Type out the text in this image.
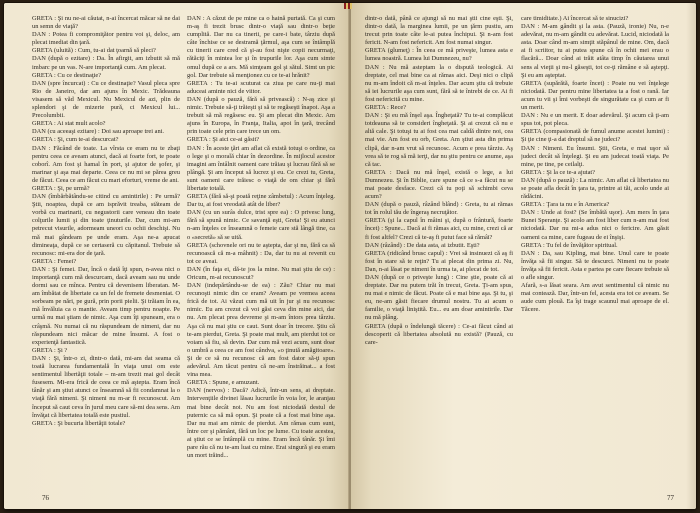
GRETA : Şi nu ne-ai căutat, n-ai încercat măcar să ne dai un semn de viaţă?

DAN : Potea fi compromiţător pentru voi şi, deloc, am plecat imediat din ţară.

GRETA (uluită) : Cum, tu-ai dat ţoarnă să pleci?

DAN (după o ezitare) : Da. În afirgit, am izbutit să mă imbarc pe un vas. N-are importanţă cum. Am plecat.

GRETA : Cu ce destinaţie?

DAN (spre încurcat) : Cu ce destinaţie? Vasul pleca spre Rio de Janeiro, dar am ajuns în Mexic. Trădeauna visasem să văd Mexicul. Nu Mexicul de azi, plin de splendori şi de mizerie pură, ci Mexicul lui... Precolumbii.

GRETA : Ai stat mult acolo?

DAN (cu aceeaşi ezitare) : Doi sau aproape trei ani.

GRETA : Şi, cum te-ai descurcat?

DAN : Făcând de toate. La vîrsta ce eram nu te zbaţi pentru ceea ce aveam atunci, dacă ai foarte fort, te poate coborî. Am fost şi hamal în port, şi ajutor de şofer, şi marinar şi aşa mai departe. Ceea ce nu mi se părea greu de făcut. Ceea ce am făcut cu mari eforturi, vreme de ani.

GRETA : Şi, pe urmă?

DAN (îmbărbătându-se citind cu amintirile) : Pe urmă? Ştii, noaptea, după ce am isprăvit treaba, stăteam de vorbă cu marinarii, cu negustorii care veneau din toate colţurile lumii şi din toate ţinuturile. Dar, cum mi-am petrecut visurile, adormeam uneori cu ochii deschişi. Nu mă mai gândeam pe unde eram. Aşa ne-a apucat dimineaţa, după ce se certaseră cu căpitanul. Trebuie să recunosc: mi-era dor de ţară.

GRETA : Femei?

DAN : Şi femei. Dar, încă o dată îţi spun, n-avea nici o importanţă cum mă descurcam, dacă aveam sau nu unde dormi sau ce mînca. Pentru că devenisem liberatan. M-am îmbătat de libertate ca un fel de fremete desmeniat. O sorbeam pe nări, pe gură, prin porii pielii. Şi trăiam în ea, mă învăluia ca o mantie. Aveam timp pentru noapte. Pe urmă nu mai ştiam de nimic. Aşa cum îţi spuneam, era o crâşmă. Nu numai că nu răspundeam de nimeni, dar nu răspundeam nici măcar de mine însumi. A fost o experienţă fantastică.

GRETA : Şi ?

DAN : Şi, într-o zi, dintr-o dată, mi-am dat seama că toată lucrarea fundamentală în viaţa unui om este sentimentul libertăţii totale – m-am trezit mai gol decât fusesem. Mi-era frică de ceea ce mă aştepta. Eram încă tânăr şi am ştiut atunci ce înseamnă să fii condamnat la o viaţă fără nimeni. Şi nimeni nu m-ar fi recunoscut. Am început să caut ceva în jurul meu care să-mi dea sens. Am învăţat că libertatea totală este pustiul.

GRETA : Şi bucuria libertăţii totale?

DAN : A căzut de pe mine ca o haină purtată. Ca şi cum m-aş fi trezit brusc dintr-o viaţă sau dintr-o beţie cumplită. Dar nu ca tinerii, pe care-i bate, târziu după câte închise ce se destramă ţărmul, aşa cum se întâmplă cu tinerii care cred că şi-au fost nişte copii necurmaţi, rătăciţi în mintea lor şi în trupurile lor. Aşa cum simte omul după ce a ars. Mă simţeam gol şi sătul. Simt un pic gol. Dar trebuie să menţionez cu ce te-ai hrănit?

GRETA : Tu te-ai scuturat ca ziua pe care nu-ţi mai aduceai aminte nici de viitor.

DAN (după o pauză, fără să privească) : N-aş zice şi nimic. Trebuie să-ţi trăieşti şi să te regăseşti înapoi. Aşa a trebuit să mă regăsesc eu. Şi am plecat din Mexic. Am ajuns în Europa, în Franţa, Italia, apoi în ţară, trecând prin toate cele prin care trece un om.

GRETA : Şi aici ce-ai găsit?

DAN : În aceste ţări am aflat că există totuşi o ordine, ca o lege şi o morală chiar în dezordine. În mijlocul acestor imagini am întâlnit oameni care trăiau şi lucrau fără să se plângă. Şi am început să lucrez şi eu. Ce crezi tu, Greta, sunt oameni care trăiesc o viaţă de om chiar şi fără libertate totală.

GRETA (fără să-şi poată reţine zâmbetul) : Acum înţeleg. Dar tu, ai fost vreodată atât de liber?

DAN (cu un surâs dulce, trist spre ea) : O privesc lung, fără să spună nimic. Ce savanţă eşti, Greta! Şi eu atunci n-am înţeles ce înseamnă o femeie care stă lângă tine, ca o «secretă» să se uită.

GRETA (schovnele ori nu te aştepta, dar şi nu, fără ca să recunoască că m-a mâhnit) : Da, dar tu nu ai revenit cu tot ce aveai.

DAN (în faţa ei, dă-te jos la mine. Nu mai ştiu de ce) : Oricum, m-ai recunoscut?

DAN (indepărtându-se de ea) : Zău? Chiar nu mai recunoşti nimic din ce eram? Aveam pe vremea aceea frică de tot. Ai văzut cum mă uit în jur şi nu recunosc nimic. Eu am crezut că voi găsi ceva din mine aici, dar nu. Am plecat prea devreme şi m-am întors prea târziu. Aşa că nu mai ştiu ce caut. Sunt doar în trecere. Ştiu că te-am pierdut, Greta. Şi poate mai mult, am pierdut tot ce voiam să fiu, să devin. Dar cum mă vezi acum, sunt doar o umbră a ceea ce am fost cândva, «o ţinută amăgitoare». Şi de ce să nu recunosc că am fost dator să-ţi spun adevărul. Am tăcut pentru că ne-am înstrăinat... a fost vina mea.

GRETA : Spune, e amuzant.

DAN (nervos) : Dacă? Adică, într-un sens, ai dreptate. Intervenţiile divinei lăsau lucrurile în voia lor, le aranjau mai bine decât noi. Nu am fost niciodată destul de puternic ca să mă opun. Şi poate că a fost mai bine aşa. Dar nu mai am nimic de pierdut. Am rămas cum sunt, între cer şi pământ, fără un loc pe lume. Cu toate acestea, ai ştiut ce se întâmplă cu mine. Eram încă tânăr. Şi îmi pare rău că nu te-am luat cu mine. Erai singură şi eu eram un mort trăind...

76

dintr-o dată, până ce ajungi să nu mai ştii cine eşti. Şi, dintr-o dată, la marginea lumii, pe un ţărm pustiu, am trecut prin toate câte le-ai putea închipui. Şi n-am fost fericit. N-am fost nefericit. Am fost numai singur.

GRETA (glumeţ) : În ceea ce mă priveşte, lumea asta e lumea noastră. Lumea lui Dumnezeu, nu?

DAN : Nu mă asteptam la o dispută teologică. Ai dreptate, cel mai bine ca ai rămas aici. Deşi nici o clipă nu m-am îndoit că m-ai înţeles. Dar acum ştiu că trebuie să iei lucrurile aşa cum sunt, fără să te întrebi de ce. Ai fi fost nefericită cu mine.

GRETA : Rece?

DAN : Şi eu mă înşel aşa. Îngheţată? Tu te-ai complăcut totdeauna să te consideri îngheţată. Şi ai crezut că nu e altă cale. Şi totuşi tu ai fost cea mai caldă dintre noi, cea mai vie. Am fost eu orb, Greta. Am ştiut asta din prima clipă, dar n-am vrut să recunosc. Acum e prea târziu. Aş vrea să te rog să mă ierţi, dar nu ştiu pentru ce anume, aşa că tac.

GRETA : Dacă nu mă înşel, există o lege, a lui Dumnezeu. Şi în Biblie, care spune că ce s-a făcut nu se mai poate desface. Crezi că tu poţi să schimbi ceva acum?

DAN (după o pauză, râzând blând) : Greta, tu ai rămas tot în rolul tău de îngeraş necruţător.

GRETA (şi la capul în mâini şi, după o frântură, foarte încet) : Spune... Dacă ai fi rămas aici, cu mine, crezi că ar fi fost altfel? Crezi că te-aş fi putut face să rămâi?

DAN (râzând) : De data asta, ai izbutit. Eşti?

GRETA (ridicând brusc capul) : Vrei să insinuezi că aş fi fost în stare să te reţin? Tu ai plecat din prima zi. Nu, Dan, n-ai lăsat pe nimeni în urma ta, ai plecat de tot.

DAN (după ce o priveşte lung) : Cine ştie, poate că ai dreptate. Dar nu putem trăi în trecut, Greta. Ţi-am spus, nu mai e nimic de făcut. Poate că e mai bine aşa. Şi tu, şi eu, ne-am găsit fiecare drumul nostru. Tu ai acum o familie, o viaţă liniştită. Eu... eu am doar amintirile. Dar nu mă plâng.

GRETA (după o îndelungă tăcere) : Ce-ai făcut când ai descoperit că libertatea absolută nu există? (Pauză, cu care-

care timiditate.) Ai încercat să te sinucizi?

DAN : M-am gândit şi la asta. (Pauză, ironie) Nu, n-e adevărat, nu m-am gândit cu adevărat. Lucid, niciodată la asta. Doar când m-am simţit stăpânul de mine. Om, dacă ai fi scriitor, tu ai putea spune că în ochii mei erau o flacără... Doar când ai trăit atâta timp în căutarea unui sens al vieţii şi nu-l găseşti, tot ce-ţi rămâne e să aştepţi. Şi eu am aşteptat.

GRETA (supărătă, foarte încet) : Poate nu vei înţelege niciodată. Dar pentru mine libertatea ta a fost o rană. Iar acum tu vii şi îmi vorbeşti de singurătate ca şi cum ar fi un merit.

DAN : Nu e un merit. E doar adevărul. Şi acum că ţi-am spus tot, pot pleca.

GRETA (compasionată de fumul anume acestei lumini) : Şi ţie cine ţi-a dat dreptul să ne judeci?

DAN : Nimeni. Eu însumi. Ştii, Greta, e mai uşor să judeci decât să înţelegi. Şi eu am judecat toată viaţa. Pe mine, pe tine, pe ceilalţi.

GRETA : Şi la ce te-a ajutat?

DAN (după o pauză) : La nimic. Am aflat că libertatea nu se poate afla decât în ţara ta, printre ai tăi, acolo unde ai rădăcini.

GRETA : Ţara ta nu e în America?

DAN : Unde ai fost? (Se îmbătă uşor). Am mers în ţara Bunei Speranţe. Şi acolo am fost liber cum n-am mai fost niciodată. Dar nu mi-a adus nici o fericire. Am găsit oameni ca mine, care fugeau de ei înşişi.

GRETA : Tu fel de învăţător spiritual.

DAN : Da, sau Kipling, mai bine. Unul care te poate învăţa să fii singur. Să te descurci. Nimeni nu te poate învăţa să fii fericit. Asta e partea pe care fiecare trebuie să o afle singur.

Afară, s-a lăsat seara. Am avut sentimentul că nimic nu mai contează. Dar, într-un fel, acesta era tot ce aveam. Se aude cum plouă. Ea îşi trage scaunul mai aproape de el. Tăcere.

77
